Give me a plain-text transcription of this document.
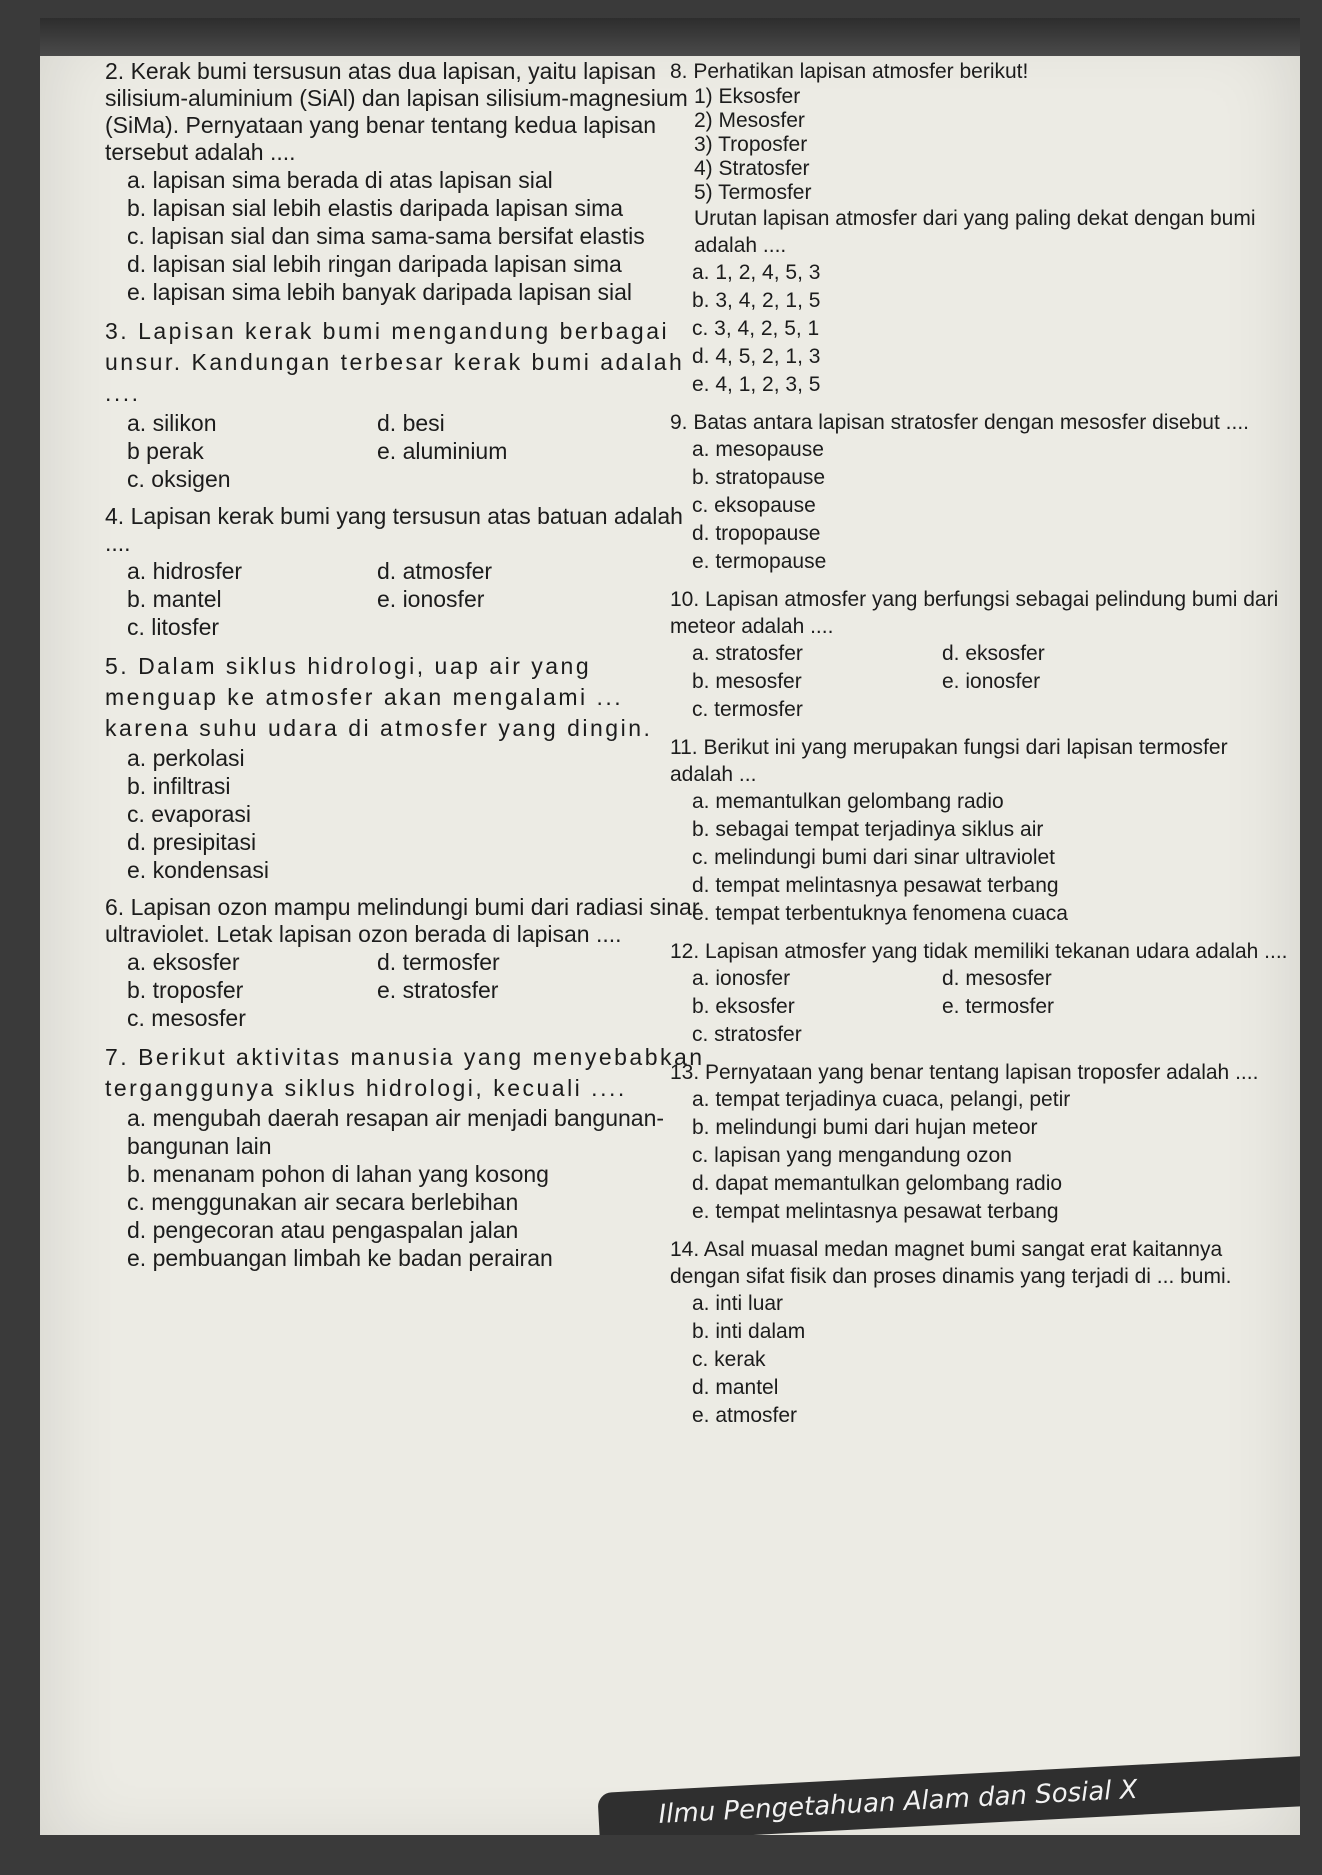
2. Kerak bumi tersusun atas dua lapisan, yaitu lapisan silisium-aluminium (SiAl) dan lapisan silisium-magnesium (SiMa). Pernyataan yang benar tentang kedua lapisan tersebut adalah ....
a. lapisan sima berada di atas lapisan sial
b. lapisan sial lebih elastis daripada lapisan sima
c. lapisan sial dan sima sama-sama bersifat elastis
d. lapisan sial lebih ringan daripada lapisan sima
e. lapisan sima lebih banyak daripada lapisan sial
3. Lapisan kerak bumi mengandung berbagai unsur. Kandungan terbesar kerak bumi adalah ....
a. silikon	d. besi
b perak	e. aluminium
c. oksigen
4. Lapisan kerak bumi yang tersusun atas batuan adalah ....
a. hidrosfer	d. atmosfer
b. mantel	e. ionosfer
c. litosfer
5. Dalam siklus hidrologi, uap air yang menguap ke atmosfer akan mengalami ... karena suhu udara di atmosfer yang dingin.
a. perkolasi
b. infiltrasi
c. evaporasi
d. presipitasi
e. kondensasi
6. Lapisan ozon mampu melindungi bumi dari radiasi sinar ultraviolet. Letak lapisan ozon berada di lapisan ....
a. eksosfer	d. termosfer
b. troposfer	e. stratosfer
c. mesosfer
7. Berikut aktivitas manusia yang menyebabkan terganggunya siklus hidrologi, kecuali ....
a. mengubah daerah resapan air menjadi bangunan-bangunan lain
b. menanam pohon di lahan yang kosong
c. menggunakan air secara berlebihan
d. pengecoran atau pengaspalan jalan
e. pembuangan limbah ke badan perairan
8. Perhatikan lapisan atmosfer berikut!
1) Eksosfer
2) Mesosfer
3) Troposfer
4) Stratosfer
5) Termosfer
Urutan lapisan atmosfer dari yang paling dekat dengan bumi adalah ....
a. 1, 2, 4, 5, 3
b. 3, 4, 2, 1, 5
c. 3, 4, 2, 5, 1
d. 4, 5, 2, 1, 3
e. 4, 1, 2, 3, 5
9. Batas antara lapisan stratosfer dengan mesosfer disebut ....
a. mesopause
b. stratopause
c. eksopause
d. tropopause
e. termopause
10. Lapisan atmosfer yang berfungsi sebagai pelindung bumi dari meteor adalah ....
a. stratosfer	d. eksosfer
b. mesosfer	e. ionosfer
c. termosfer
11. Berikut ini yang merupakan fungsi dari lapisan termosfer adalah ...
a. memantulkan gelombang radio
b. sebagai tempat terjadinya siklus air
c. melindungi bumi dari sinar ultraviolet
d. tempat melintasnya pesawat terbang
e. tempat terbentuknya fenomena cuaca
12. Lapisan atmosfer yang tidak memiliki tekanan udara adalah ....
a. ionosfer	d. mesosfer
b. eksosfer	e. termosfer
c. stratosfer
13. Pernyataan yang benar tentang lapisan troposfer adalah ....
a. tempat terjadinya cuaca, pelangi, petir
b. melindungi bumi dari hujan meteor
c. lapisan yang mengandung ozon
d. dapat memantulkan gelombang radio
e. tempat melintasnya pesawat terbang
14. Asal muasal medan magnet bumi sangat erat kaitannya dengan sifat fisik dan proses dinamis yang terjadi di ... bumi.
a. inti luar
b. inti dalam
c. kerak
d. mantel
e. atmosfer
Ilmu Pengetahuan Alam dan Sosial X
